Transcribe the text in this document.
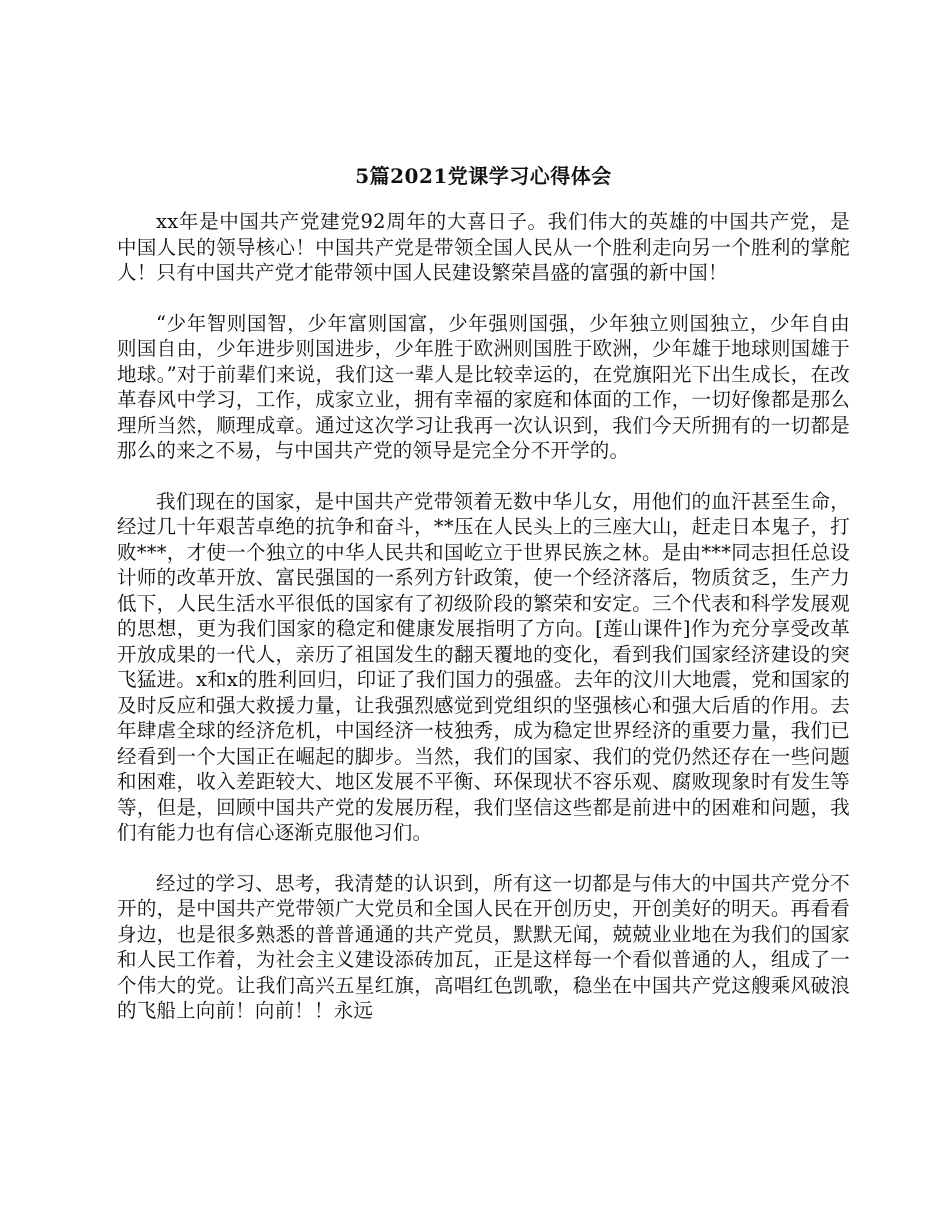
5篇2021党课学习心得体会

xx年是中国共产党建党92周年的大喜日子。我们伟大的英雄的中国共产党，是中国人民的领导核心！中国共产党是带领全国人民从一个胜利走向另一个胜利的掌舵人！只有中国共产党才能带领中国人民建设繁荣昌盛的富强的新中国！

“少年智则国智，少年富则国富，少年强则国强，少年独立则国独立，少年自由则国自由，少年进步则国进步，少年胜于欧洲则国胜于欧洲，少年雄于地球则国雄于地球。”对于前辈们来说，我们这一辈人是比较幸运的，在党旗阳光下出生成长，在改革春风中学习，工作，成家立业，拥有幸福的家庭和体面的工作，一切好像都是那么理所当然，顺理成章。通过这次学习让我再一次认识到，我们今天所拥有的一切都是那么的来之不易，与中国共产党的领导是完全分不开学的。

我们现在的国家，是中国共产党带领着无数中华儿女，用他们的血汗甚至生命，经过几十年艰苦卓绝的抗争和奋斗，**压在人民头上的三座大山，赶走日本鬼子，打败***，才使一个独立的中华人民共和国屹立于世界民族之林。是由***同志担任总设计师的改革开放、富民强国的一系列方针政策，使一个经济落后，物质贫乏，生产力低下，人民生活水平很低的国家有了初级阶段的繁荣和安定。三个代表和科学发展观的思想，更为我们国家的稳定和健康发展指明了方向。[莲山课件]作为充分享受改革开放成果的一代人，亲历了祖国发生的翻天覆地的变化，看到我们国家经济建设的突飞猛进。x和x的胜利回归，印证了我们国力的强盛。去年的汶川大地震，党和国家的及时反应和强大救援力量，让我强烈感觉到党组织的坚强核心和强大后盾的作用。去年肆虐全球的经济危机，中国经济一枝独秀，成为稳定世界经济的重要力量，我们已经看到一个大国正在崛起的脚步。当然，我们的国家、我们的党仍然还存在一些问题和困难，收入差距较大、地区发展不平衡、环保现状不容乐观、腐败现象时有发生等等，但是，回顾中国共产党的发展历程，我们坚信这些都是前进中的困难和问题，我们有能力也有信心逐渐克服他习们。

经过的学习、思考，我清楚的认识到，所有这一切都是与伟大的中国共产党分不开的，是中国共产党带领广大党员和全国人民在开创历史，开创美好的明天。再看看身边，也是很多熟悉的普普通通的共产党员，默默无闻，兢兢业业地在为我们的国家和人民工作着，为社会主义建设添砖加瓦，正是这样每一个看似普通的人，组成了一个伟大的党。让我们高兴五星红旗，高唱红色凯歌，稳坐在中国共产党这艘乘风破浪的飞船上向前！向前！！永远
